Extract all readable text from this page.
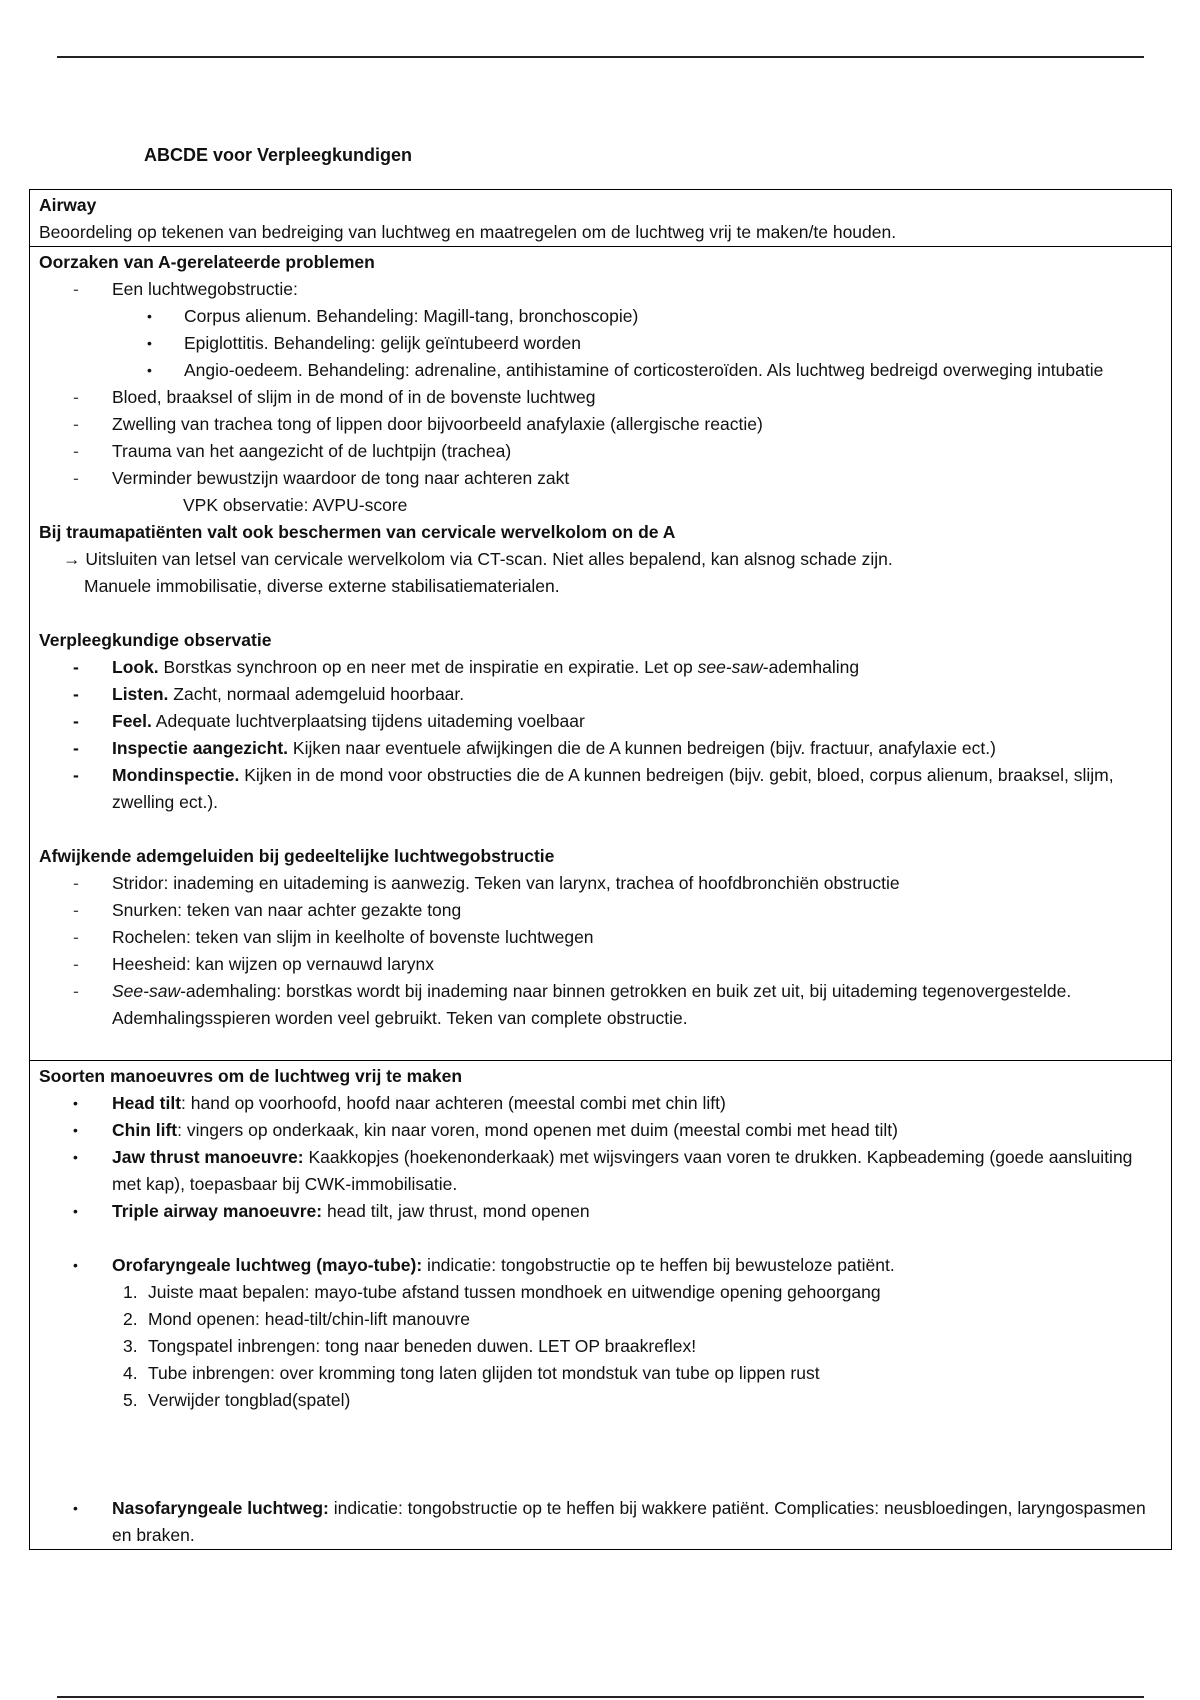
ABCDE voor Verpleegkundigen
Airway
Beoordeling op tekenen van bedreiging van luchtweg en maatregelen om de luchtweg vrij te maken/te houden.
Oorzaken van A-gerelateerde problemen
- Een luchtwegobstructie:
• Corpus alienum. Behandeling: Magill-tang, bronchoscopie)
• Epiglottitis. Behandeling: gelijk geïntubeerd worden
• Angio-oedeem. Behandeling: adrenaline, antihistamine of corticosteroïden. Als luchtweg bedreigd overweging intubatie
- Bloed, braaksel of slijm in de mond of in de bovenste luchtweg
- Zwelling van trachea tong of lippen door bijvoorbeeld anafylaxie (allergische reactie)
- Trauma van het aangezicht of de luchtpijn (trachea)
- Verminder bewustzijn waardoor de tong naar achteren zakt
VPK observatie: AVPU-score
Bij traumapatiënten valt ook beschermen van cervicale wervelkolom on de A
→ Uitsluiten van letsel van cervicale wervelkolom via CT-scan. Niet alles bepalend, kan alsnog schade zijn.
Manuele immobilisatie, diverse externe stabilisatiematerialen.
Verpleegkundige observatie
- Look. Borstkas synchroon op en neer met de inspiratie en expiratie. Let op see-saw-ademhaling
- Listen. Zacht, normaal ademgeluid hoorbaar.
- Feel. Adequate luchtverplaatsing tijdens uitademing voelbaar
- Inspectie aangezicht. Kijken naar eventuele afwijkingen die de A kunnen bedreigen (bijv. fractuur, anafylaxie ect.)
- Mondinspectie. Kijken in de mond voor obstructies die de A kunnen bedreigen (bijv. gebit, bloed, corpus alienum, braaksel, slijm, zwelling ect.).
Afwijkende ademgeluiden bij gedeeltelijke luchtwegobstructie
- Stridor: inademing en uitademing is aanwezig. Teken van larynx, trachea of hoofdbronchiën obstructie
- Snurken: teken van naar achter gezakte tong
- Rochelen: teken van slijm in keelholte of bovenste luchtwegen
- Heesheid: kan wijzen op vernauwd larynx
- See-saw-ademhaling: borstkas wordt bij inademing naar binnen getrokken en buik zet uit, bij uitademing tegenovergestelde. Ademhalingsspieren worden veel gebruikt. Teken van complete obstructie.
Soorten manoeuvres om de luchtweg vrij te maken
• Head tilt: hand op voorhoofd, hoofd naar achteren (meestal combi met chin lift)
• Chin lift: vingers op onderkaak, kin naar voren, mond openen met duim (meestal combi met head tilt)
• Jaw thrust manoeuvre: Kaakkopjes (hoekenonderkaak) met wijsvingers vaan voren te drukken. Kapbeademing (goede aansluiting met kap), toepasbaar bij CWK-immobilisatie.
• Triple airway manoeuvre: head tilt, jaw thrust, mond openen
• Orofaryngeale luchtweg (mayo-tube): indicatie: tongobstructie op te heffen bij bewusteloze patiënt.
1. Juiste maat bepalen: mayo-tube afstand tussen mondhoek en uitwendige opening gehoorgang
2. Mond openen: head-tilt/chin-lift manouvre
3. Tongspatel inbrengen: tong naar beneden duwen. LET OP braakreflex!
4. Tube inbrengen: over kromming tong laten glijden tot mondstuk van tube op lippen rust
5. Verwijder tongblad(spatel)
• Nasofaryngeale luchtweg: indicatie: tongobstructie op te heffen bij wakkere patiënt. Complicaties: neusbloedingen, laryngospasmen en braken.
